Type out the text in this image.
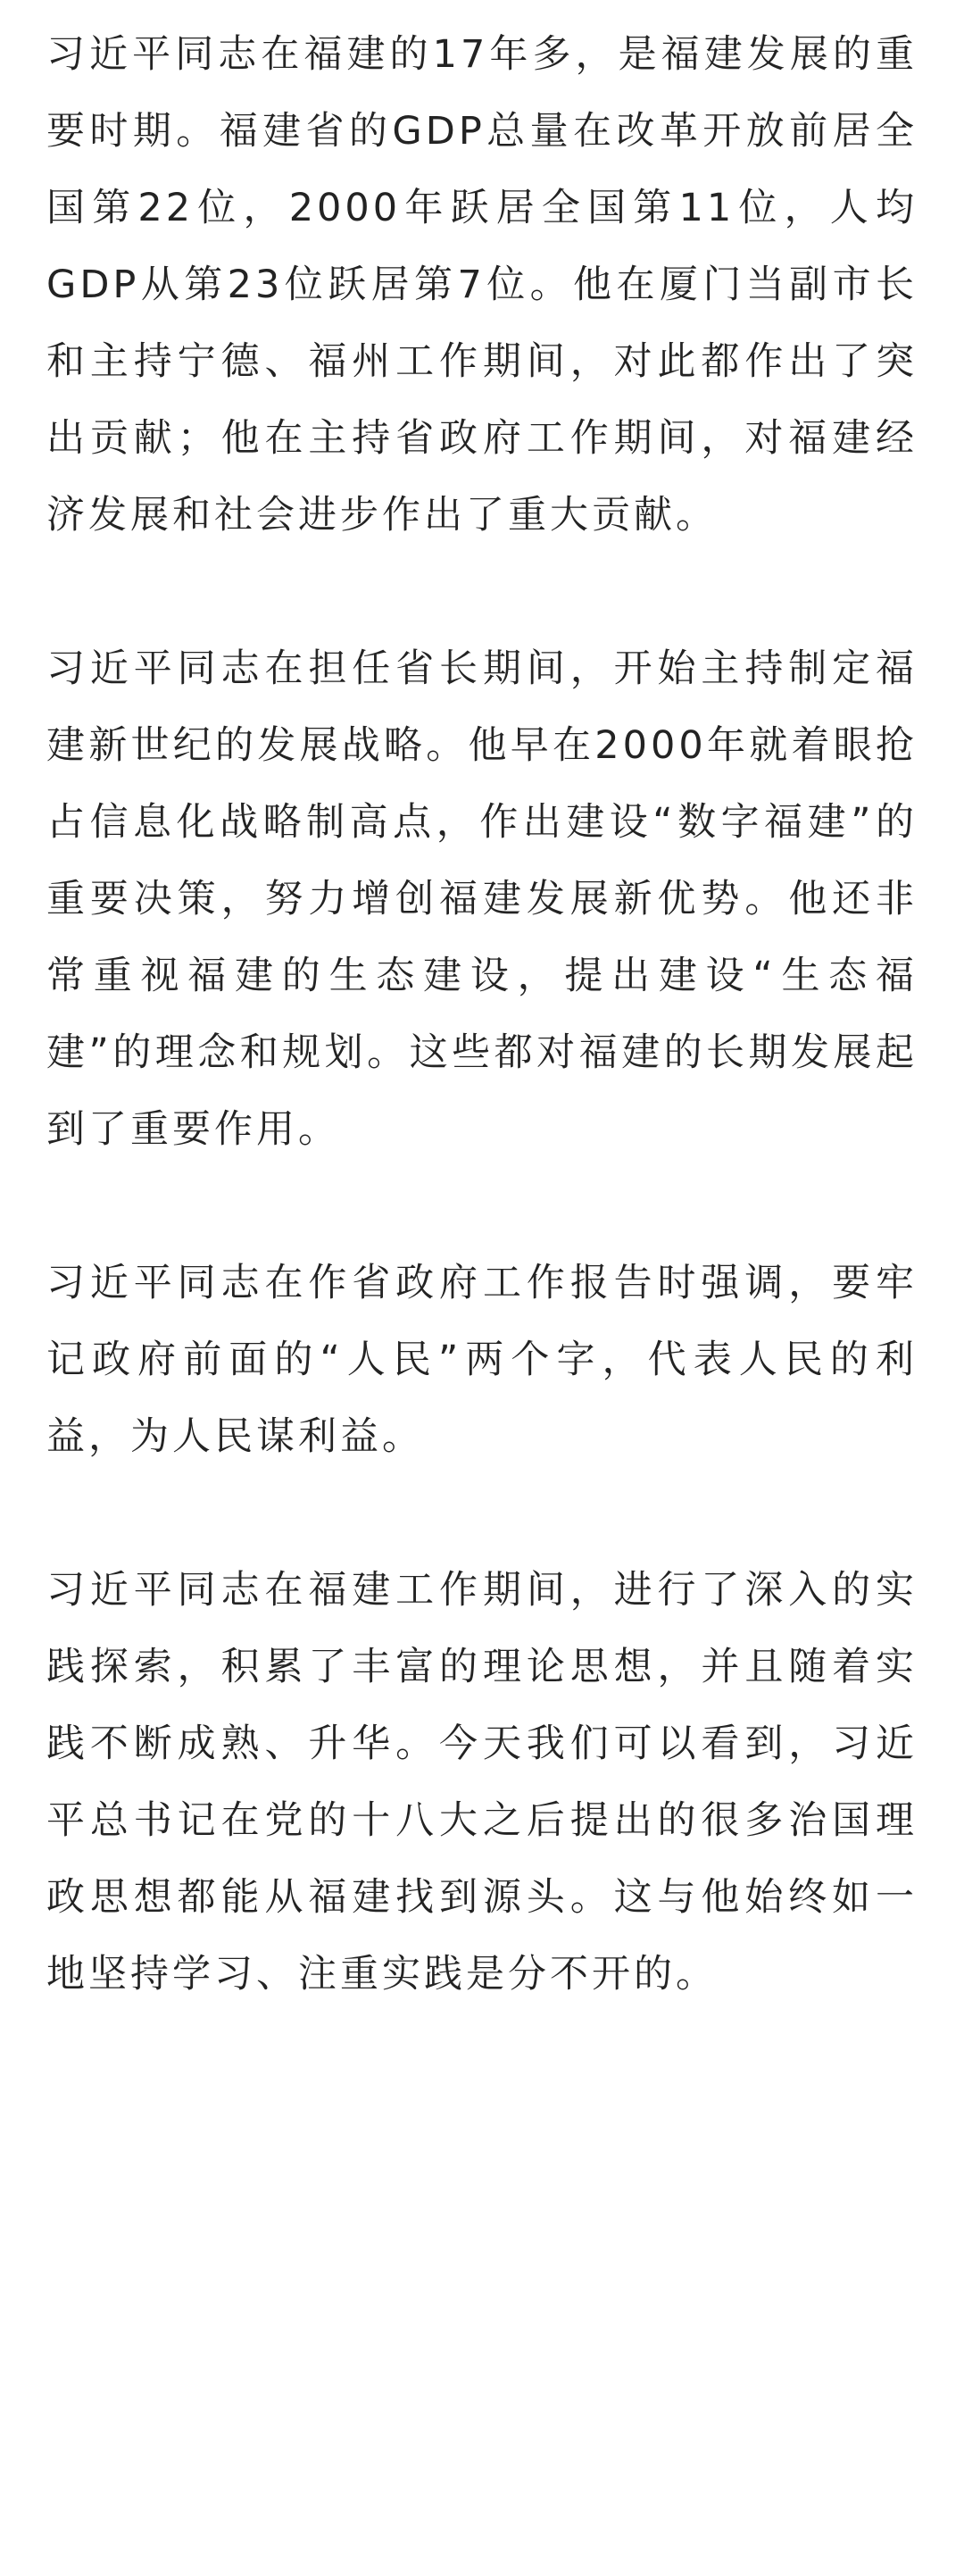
习近平同志在福建的17年多，是福建发展的重要时期。福建省的GDP总量在改革开放前居全国第22位，2000年跃居全国第11位，人均GDP从第23位跃居第7位。他在厦门当副市长和主持宁德、福州工作期间，对此都作出了突出贡献；他在主持省政府工作期间，对福建经济发展和社会进步作出了重大贡献。

习近平同志在担任省长期间，开始主持制定福建新世纪的发展战略。他早在2000年就着眼抢占信息化战略制高点，作出建设“数字福建”的重要决策，努力增创福建发展新优势。他还非常重视福建的生态建设，提出建设“生态福建”的理念和规划。这些都对福建的长期发展起到了重要作用。

习近平同志在作省政府工作报告时强调，要牢记政府前面的“人民”两个字，代表人民的利益，为人民谋利益。

习近平同志在福建工作期间，进行了深入的实践探索，积累了丰富的理论思想，并且随着实践不断成熟、升华。今天我们可以看到，习近平总书记在党的十八大之后提出的很多治国理政思想都能从福建找到源头。这与他始终如一地坚持学习、注重实践是分不开的。
